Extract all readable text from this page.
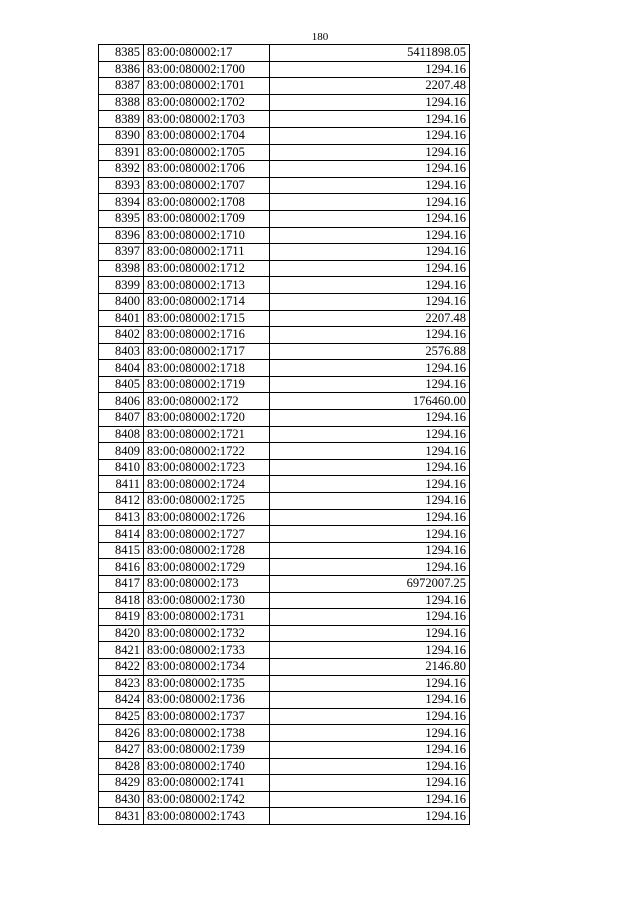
180
8385	83:00:080002:17	5411898.05
8386	83:00:080002:1700	1294.16
8387	83:00:080002:1701	2207.48
8388	83:00:080002:1702	1294.16
8389	83:00:080002:1703	1294.16
8390	83:00:080002:1704	1294.16
8391	83:00:080002:1705	1294.16
8392	83:00:080002:1706	1294.16
8393	83:00:080002:1707	1294.16
8394	83:00:080002:1708	1294.16
8395	83:00:080002:1709	1294.16
8396	83:00:080002:1710	1294.16
8397	83:00:080002:1711	1294.16
8398	83:00:080002:1712	1294.16
8399	83:00:080002:1713	1294.16
8400	83:00:080002:1714	1294.16
8401	83:00:080002:1715	2207.48
8402	83:00:080002:1716	1294.16
8403	83:00:080002:1717	2576.88
8404	83:00:080002:1718	1294.16
8405	83:00:080002:1719	1294.16
8406	83:00:080002:172	176460.00
8407	83:00:080002:1720	1294.16
8408	83:00:080002:1721	1294.16
8409	83:00:080002:1722	1294.16
8410	83:00:080002:1723	1294.16
8411	83:00:080002:1724	1294.16
8412	83:00:080002:1725	1294.16
8413	83:00:080002:1726	1294.16
8414	83:00:080002:1727	1294.16
8415	83:00:080002:1728	1294.16
8416	83:00:080002:1729	1294.16
8417	83:00:080002:173	6972007.25
8418	83:00:080002:1730	1294.16
8419	83:00:080002:1731	1294.16
8420	83:00:080002:1732	1294.16
8421	83:00:080002:1733	1294.16
8422	83:00:080002:1734	2146.80
8423	83:00:080002:1735	1294.16
8424	83:00:080002:1736	1294.16
8425	83:00:080002:1737	1294.16
8426	83:00:080002:1738	1294.16
8427	83:00:080002:1739	1294.16
8428	83:00:080002:1740	1294.16
8429	83:00:080002:1741	1294.16
8430	83:00:080002:1742	1294.16
8431	83:00:080002:1743	1294.16
